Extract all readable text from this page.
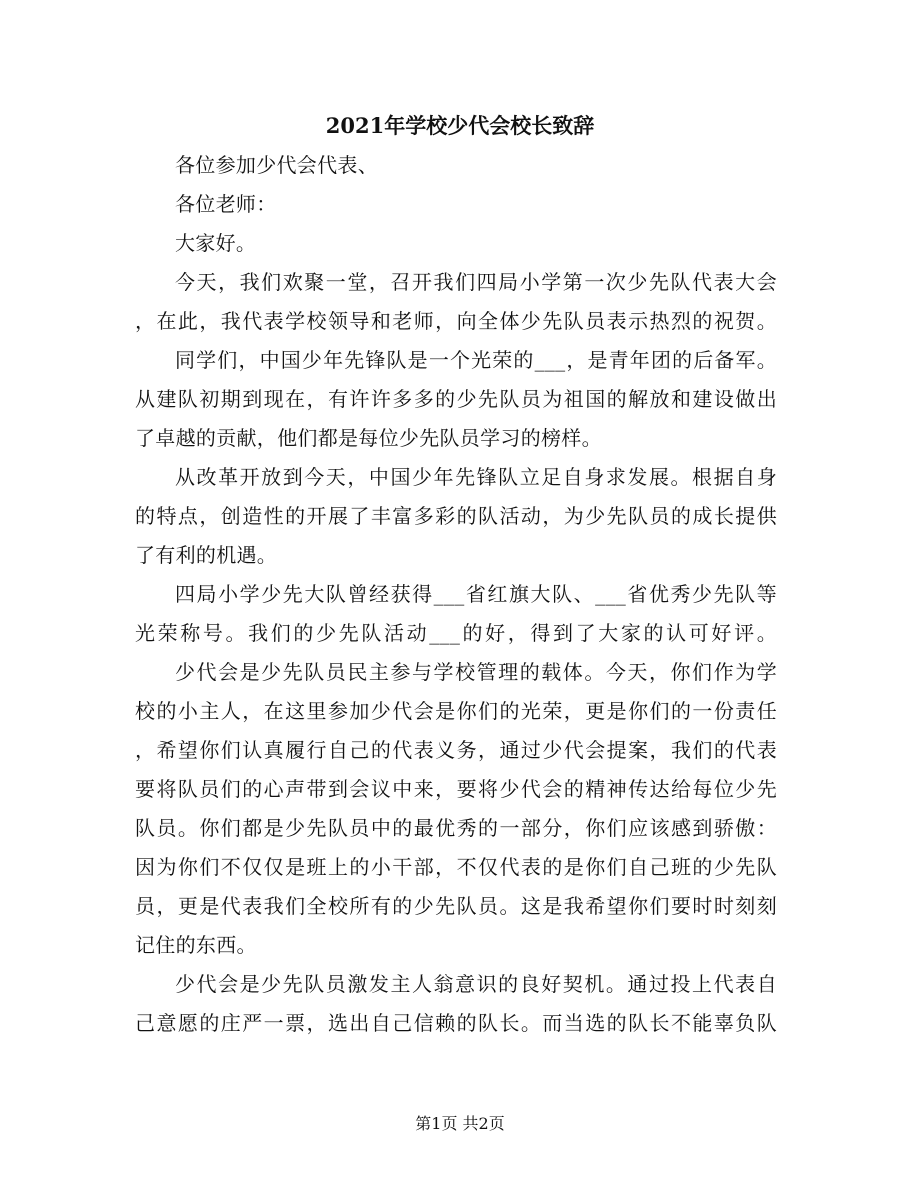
2021年学校少代会校长致辞
各位参加少代会代表、
各位老师：
大家好。
今天，我们欢聚一堂，召开我们四局小学第一次少先队代表大会
，在此，我代表学校领导和老师，向全体少先队员表示热烈的祝贺。
同学们，中国少年先锋队是一个光荣的___，是青年团的后备军。
从建队初期到现在，有许许多多的少先队员为祖国的解放和建设做出
了卓越的贡献，他们都是每位少先队员学习的榜样。
从改革开放到今天，中国少年先锋队立足自身求发展。根据自身
的特点，创造性的开展了丰富多彩的队活动，为少先队员的成长提供
了有利的机遇。
四局小学少先大队曾经获得___省红旗大队、___省优秀少先队等
光荣称号。我们的少先队活动___的好，得到了大家的认可好评。
少代会是少先队员民主参与学校管理的载体。今天，你们作为学
校的小主人，在这里参加少代会是你们的光荣，更是你们的一份责任
，希望你们认真履行自己的代表义务，通过少代会提案，我们的代表
要将队员们的心声带到会议中来，要将少代会的精神传达给每位少先
队员。你们都是少先队员中的最优秀的一部分，你们应该感到骄傲：
因为你们不仅仅是班上的小干部，不仅代表的是你们自己班的少先队
员，更是代表我们全校所有的少先队员。这是我希望你们要时时刻刻
记住的东西。
少代会是少先队员激发主人翁意识的良好契机。通过投上代表自
己意愿的庄严一票，选出自己信赖的队长。而当选的队长不能辜负队
第1页 共2页
